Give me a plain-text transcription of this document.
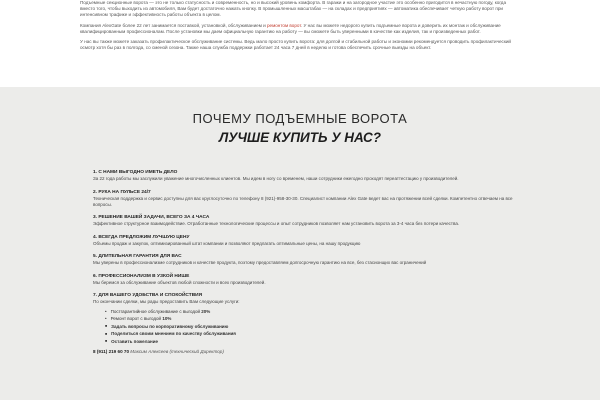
Подъемные секционные ворота — это не только статусность и современность, но и высокий уровень комфорта. В гаражи и на загородное участие это особенно пригодится в нечастную погоду, когда вместо того, чтобы выходить из автомобиля, Вам будет достаточно нажать кнопку. В промышленных масштабах — на складах и предприятиях — автоматика обеспечивает четкую работу ворот при интенсивном трафике и эффективность работы объекта в целом.

Компания AlexGate более 22 лет занимается поставкой, установкой, обслуживанием и ремонтом ворот. У нас вы можете недорого купить подъемные ворота и доверить их монтаж и обслуживание квалифицированным профессионалам. После установки мы даем официальную гарантию на работу — вы сможете быть уверенными в качестве как изделия, так и произведенных работ.

У нас вы также можете заказать профилактическое обслуживание системы. Ведь мало просто купить ворота: для долгой и стабильной работы и экономии рекомендуется проводить профилактический осмотр хотя бы раз в полгода, со сменой сезона. Также наша служба поддержки работает 24 часа 7 дней в неделю и готова обеспечить срочные выезды на объект.

ПОЧЕМУ ПОДЪЕМНЫЕ ВОРОТА
ЛУЧШЕ КУПИТЬ У НАС?
1. С НАМИ ВЫГОДНО ИМЕТЬ ДЕЛО
За 22 года работы мы заслужили уважение многочисленных клиентов. Мы идем в ногу со временем, наши сотрудники ежегодно проходят переаттестацию у производителей.
2. РУКА НА ПУЛЬСЕ 24/7
Техническая поддержка и сервис доступны для вас круглосуточно по телефону 8 (921)-958-30-30. Специалист компании Alex Gate ведет вас на протяжении всей сделки. Компетентно отвечаем на все вопросы.
3. РЕШЕНИЕ ВАШЕЙ ЗАДАЧИ, ВСЕГО ЗА 4 ЧАСА
Эффективное структурное взаимодействие. Отработанные технологические процессы и опыт сотрудников позволяет нам установить ворота за 3-4 часа без потери качества.
4. ВСЕГДА ПРЕДЛОЖИМ ЛУЧШУЮ ЦЕНУ
Объемы продаж и закупок, оптимизированный штат компании и позволяют предлагать оптимальные цены, на нашу продукцию
5. ДЛИТЕЛЬНАЯ ГАРАНТИЯ ДЛЯ ВАС
Мы уверены в профессионализме сотрудников и качестве продукта, поэтому предоставляем долгосрочную гарантию на все, без стасионщих вас ограничений
6. ПРОФЕССИОНАЛИЗМ В УЗКОЙ НИШЕ
Мы беремся за обслуживание объектов любой сложности и всех производителей.
7. ДЛЯ ВАШЕГО УДОБСТВА И СПОКОЙСТВИЯ
По окончании сделки, мы рады предоставить Вам следующие услуги:
• Постгарантийное обслуживание с выгодой 20%
• Ремонт ворот с выгодой 10%
■ Задать вопросы по корпоративному обслуживанию
■ Поделиться своим мнением по качеству обслуживания
■ Оставить пожелание
8 (911) 219 60 70 Максим Алексеев (технический Директор)
